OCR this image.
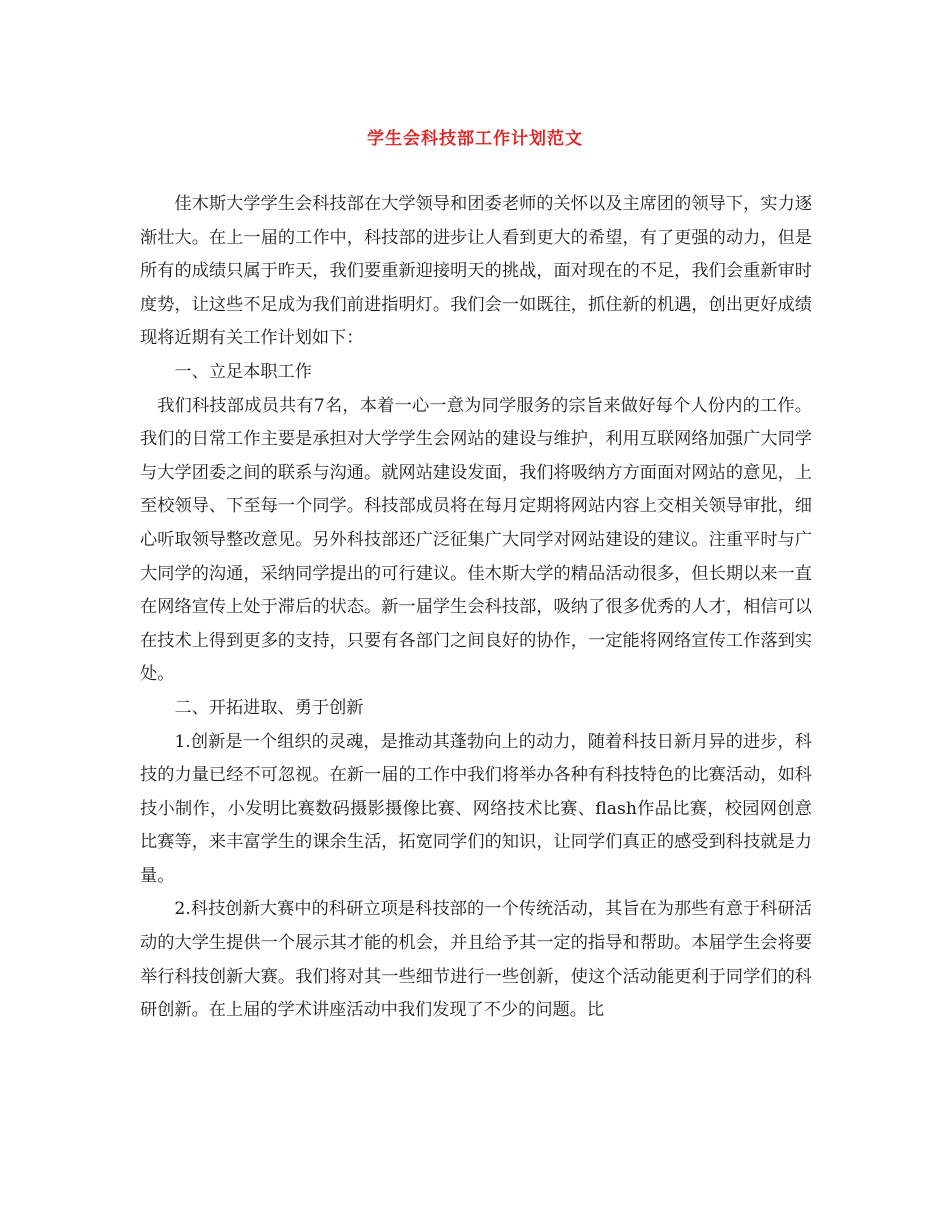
学生会科技部工作计划范文

佳木斯大学学生会科技部在大学领导和团委老师的关怀以及主席团的领导下，实力逐渐壮大。在上一届的工作中，科技部的进步让人看到更大的希望，有了更强的动力，但是所有的成绩只属于昨天，我们要重新迎接明天的挑战，面对现在的不足，我们会重新审时度势，让这些不足成为我们前进指明灯。我们会一如既往，抓住新的机遇，创出更好成绩现将近期有关工作计划如下：

一、立足本职工作

我们科技部成员共有7名，本着一心一意为同学服务的宗旨来做好每个人份内的工作。我们的日常工作主要是承担对大学学生会网站的建设与维护，利用互联网络加强广大同学与大学团委之间的联系与沟通。就网站建设发面，我们将吸纳方方面面对网站的意见，上至校领导、下至每一个同学。科技部成员将在每月定期将网站内容上交相关领导审批，细心听取领导整改意见。另外科技部还广泛征集广大同学对网站建设的建议。注重平时与广大同学的沟通，采纳同学提出的可行建议。佳木斯大学的精品活动很多，但长期以来一直在网络宣传上处于滞后的状态。新一届学生会科技部，吸纳了很多优秀的人才，相信可以在技术上得到更多的支持，只要有各部门之间良好的协作，一定能将网络宣传工作落到实处。

二、开拓进取、勇于创新

1.创新是一个组织的灵魂，是推动其蓬勃向上的动力，随着科技日新月异的进步，科技的力量已经不可忽视。在新一届的工作中我们将举办各种有科技特色的比赛活动，如科技小制作，小发明比赛数码摄影摄像比赛、网络技术比赛、flash作品比赛，校园网创意比赛等，来丰富学生的课余生活，拓宽同学们的知识，让同学们真正的感受到科技就是力量。

2.科技创新大赛中的科研立项是科技部的一个传统活动，其旨在为那些有意于科研活动的大学生提供一个展示其才能的机会，并且给予其一定的指导和帮助。本届学生会将要举行科技创新大赛。我们将对其一些细节进行一些创新，使这个活动能更利于同学们的科研创新。在上届的学术讲座活动中我们发现了不少的问题。比
